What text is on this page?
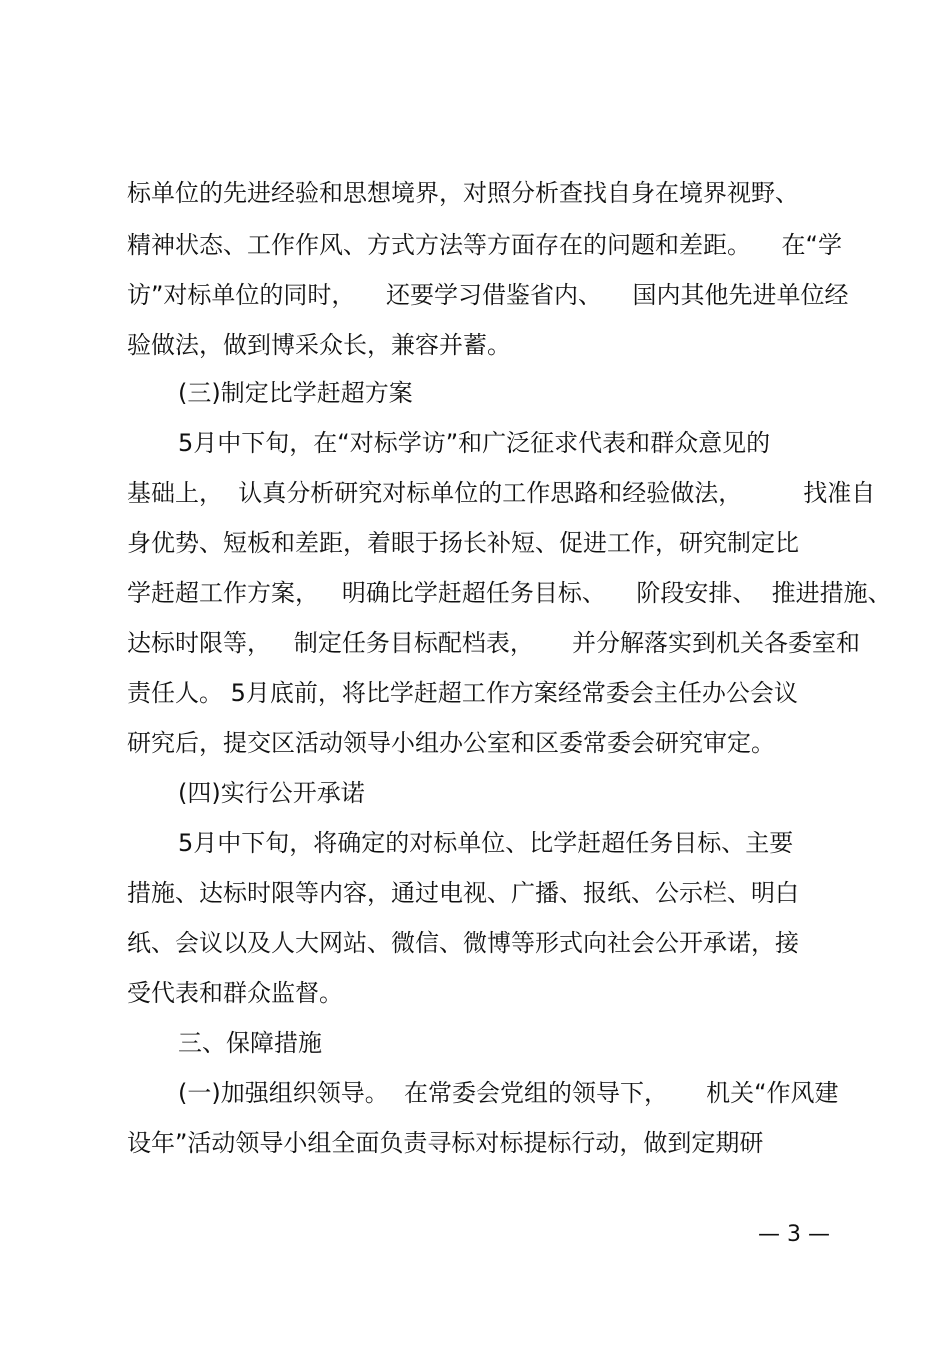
标单位的先进经验和思想境界，对照分析查找自身在境界视野、
精神状态、工作作风、方式方法等方面存在的问题和差距。    在“学
访”对标单位的同时，    还要学习借鉴省内、    国内其他先进单位经
验做法，做到博采众长，兼容并蓄。
(三)制定比学赶超方案
5月中下旬，在“对标学访”和广泛征求代表和群众意见的
基础上，  认真分析研究对标单位的工作思路和经验做法，        找准自
身优势、短板和差距，着眼于扬长补短、促进工作，研究制定比
学赶超工作方案，   明确比学赶超任务目标、    阶段安排、  推进措施、
达标时限等，   制定任务目标配档表，     并分解落实到机关各委室和
责任人。 5月底前，将比学赶超工作方案经常委会主任办公会议
研究后，提交区活动领导小组办公室和区委常委会研究审定。
(四)实行公开承诺
5月中下旬，将确定的对标单位、比学赶超任务目标、主要
措施、达标时限等内容，通过电视、广播、报纸、公示栏、明白
纸、会议以及人大网站、微信、微博等形式向社会公开承诺，接
受代表和群众监督。
三、保障措施
(一)加强组织领导。  在常委会党组的领导下，     机关“作风建
设年”活动领导小组全面负责寻标对标提标行动，做到定期研
— 3 —
